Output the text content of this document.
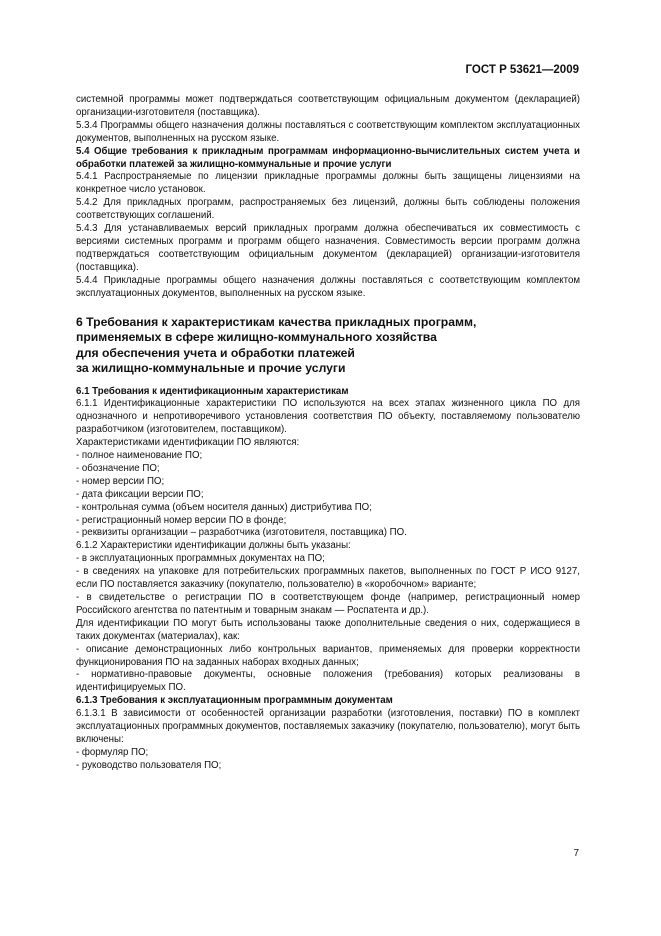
ГОСТ Р 53621—2009

системной программы может подтверждаться соответствующим официальным документом (декларацией) организации-изготовителя (поставщика).

5.3.4 Программы общего назначения должны поставляться с соответствующим комплектом эксплуатационных документов, выполненных на русском языке.

5.4 Общие требования к прикладным программам информационно-вычислительных систем учета и обработки платежей за жилищно-коммунальные и прочие услуги

5.4.1 Распространяемые по лицензии прикладные программы должны быть защищены лицензиями на конкретное число установок.

5.4.2 Для прикладных программ, распространяемых без лицензий, должны быть соблюдены положения соответствующих соглашений.

5.4.3 Для устанавливаемых версий прикладных программ должна обеспечиваться их совместимость с версиями системных программ и программ общего назначения. Совместимость версии программ должна подтверждаться соответствующим официальным документом (декларацией) организации-изготовителя (поставщика).

5.4.4 Прикладные программы общего назначения должны поставляться с соответствующим комплектом эксплуатационных документов, выполненных на русском языке.

6 Требования к характеристикам качества прикладных программ,
применяемых в сфере жилищно-коммунального хозяйства
для обеспечения учета и обработки платежей
за жилищно-коммунальные и прочие услуги

6.1 Требования к идентификационным характеристикам

6.1.1 Идентификационные характеристики ПО используются на всех этапах жизненного цикла ПО для однозначного и непротиворечивого установления соответствия ПО объекту, поставляемому пользователю разработчиком (изготовителем, поставщиком).

Характеристиками идентификации ПО являются:

- полное наименование ПО;

- обозначение ПО;

- номер версии ПО;

- дата фиксации версии ПО;

- контрольная сумма (объем носителя данных) дистрибутива ПО;

- регистрационный номер версии ПО в фонде;

- реквизиты организации – разработчика (изготовителя, поставщика) ПО.

6.1.2 Характеристики идентификации должны быть указаны:

- в эксплуатационных программных документах на ПО;

- в сведениях на упаковке для потребительских программных пакетов, выполненных по ГОСТ Р ИСО 9127, если ПО поставляется заказчику (покупателю, пользователю) в «коробочном» варианте;

- в свидетельстве о регистрации ПО в соответствующем фонде (например, регистрационный номер Российского агентства по патентным и товарным знакам — Роспатента и др.).

Для идентификации ПО могут быть использованы также дополнительные сведения о них, содержащиеся в таких документах (материалах), как:

- описание демонстрационных либо контрольных вариантов, применяемых для проверки корректности функционирования ПО на заданных наборах входных данных;

- нормативно-правовые документы, основные положения (требования) которых реализованы в идентифицируемых ПО.

6.1.3 Требования к эксплуатационным программным документам

6.1.3.1 В зависимости от особенностей организации разработки (изготовления, поставки) ПО в комплект эксплуатационных программных документов, поставляемых заказчику (покупателю, пользователю), могут быть включены:

- формуляр ПО;

- руководство пользователя ПО;

7
